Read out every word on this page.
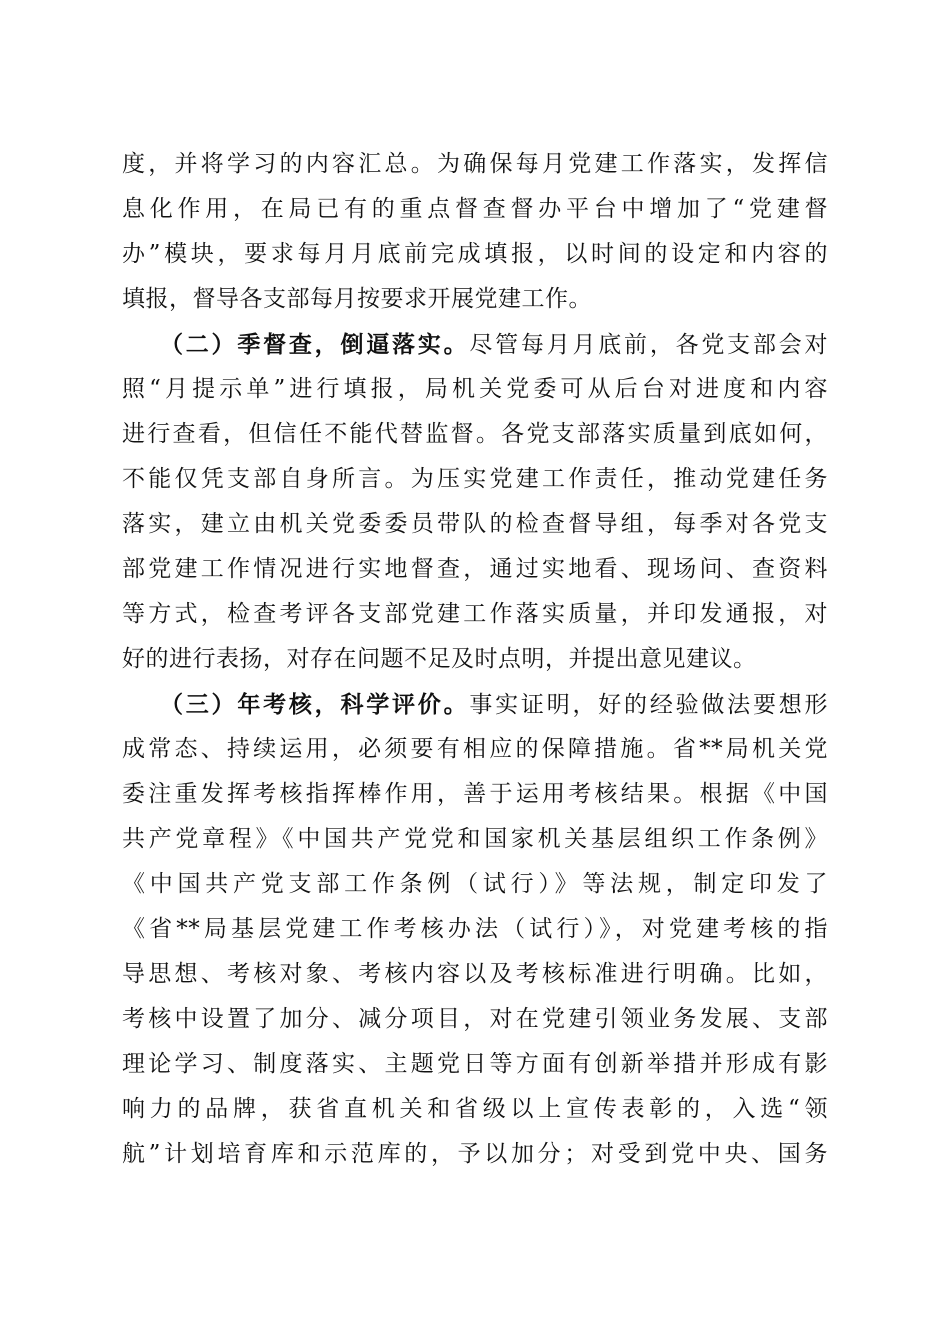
度，并将学习的内容汇总。为确保每月党建工作落实，发挥信
息化作用，在局已有的重点督查督办平台中增加了“党建督
办”模块，要求每月月底前完成填报，以时间的设定和内容的
填报，督导各支部每月按要求开展党建工作。
（二）季督查，倒逼落实。尽管每月月底前，各党支部会对
照“月提示单”进行填报，局机关党委可从后台对进度和内容
进行查看，但信任不能代替监督。各党支部落实质量到底如何，
不能仅凭支部自身所言。为压实党建工作责任，推动党建任务
落实，建立由机关党委委员带队的检查督导组，每季对各党支
部党建工作情况进行实地督查，通过实地看、现场问、查资料
等方式，检查考评各支部党建工作落实质量，并印发通报，对
好的进行表扬，对存在问题不足及时点明，并提出意见建议。
（三）年考核，科学评价。事实证明，好的经验做法要想形
成常态、持续运用，必须要有相应的保障措施。省**局机关党
委注重发挥考核指挥棒作用，善于运用考核结果。根据《中国
共产党章程》《中国共产党党和国家机关基层组织工作条例》
《中国共产党支部工作条例（试行）》等法规，制定印发了
《省**局基层党建工作考核办法（试行）》，对党建考核的指
导思想、考核对象、考核内容以及考核标准进行明确。比如，
考核中设置了加分、减分项目，对在党建引领业务发展、支部
理论学习、制度落实、主题党日等方面有创新举措并形成有影
响力的品牌，获省直机关和省级以上宣传表彰的，入选“领
航”计划培育库和示范库的，予以加分；对受到党中央、国务
